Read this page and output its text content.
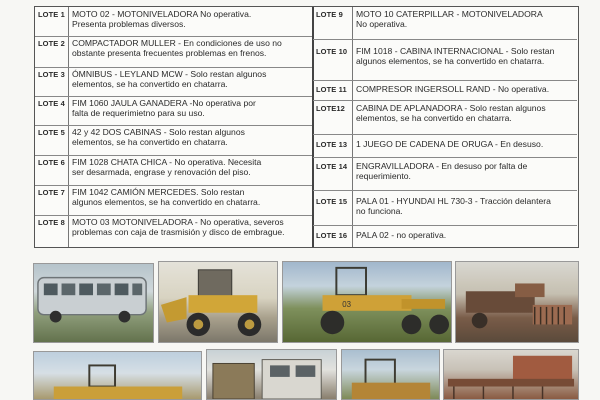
LOTE 1 MOTO 02 - MOTONIVELADORA No operativa.
Presenta problemas diversos.
LOTE 2 COMPACTADOR MULLER - En condiciones de uso no
obstante presenta frecuentes problemas en frenos.
LOTE 3 ÓMNIBUS - LEYLAND MCW - Solo restan algunos
elementos, se ha convertido en chatarra.
LOTE 4 FIM 1060 JAULA GANADERA -No operativa por
falta de requerimietno para su uso.
LOTE 5 42 y 42 DOS CABINAS - Solo restan algunos
elementos, se ha convertido en chatarra.
LOTE 6 FIM 1028 CHATA CHICA - No operativa. Necesita
ser desarmada, engrase y renovación del piso.
LOTE 7 FIM 1042 CAMIÓN MERCEDES. Solo restan
algunos elementos, se ha convertido en chatarra.
LOTE 8 MOTO 03 MOTONIVELADORA - No operativa, severos
problemas con caja de trasmisión y disco de embrague.
LOTE 9 MOTO 10 CATERPILLAR - MOTONIVELADORA
No operativa.
LOTE 10 FIM 1018 - CABINA INTERNACIONAL - Solo restan
algunos elementos, se ha convertido en chatarra.
LOTE 11 COMPRESOR INGERSOLL RAND - No operativa.
LOTE12 CABINA DE APLANADORA - Solo restan algunos
elementos, se ha convertido en chatarra.
LOTE 13 1 JUEGO DE CADENA DE ORUGA - En desuso.
LOTE 14 ENGRAVILLADORA - En desuso por falta de
requerimiento.
LOTE 15 PALA 01 - HYUNDAI HL 730-3 - Tracción delantera
no funciona.
LOTE 16 PALA 02 - no operativa.
03
